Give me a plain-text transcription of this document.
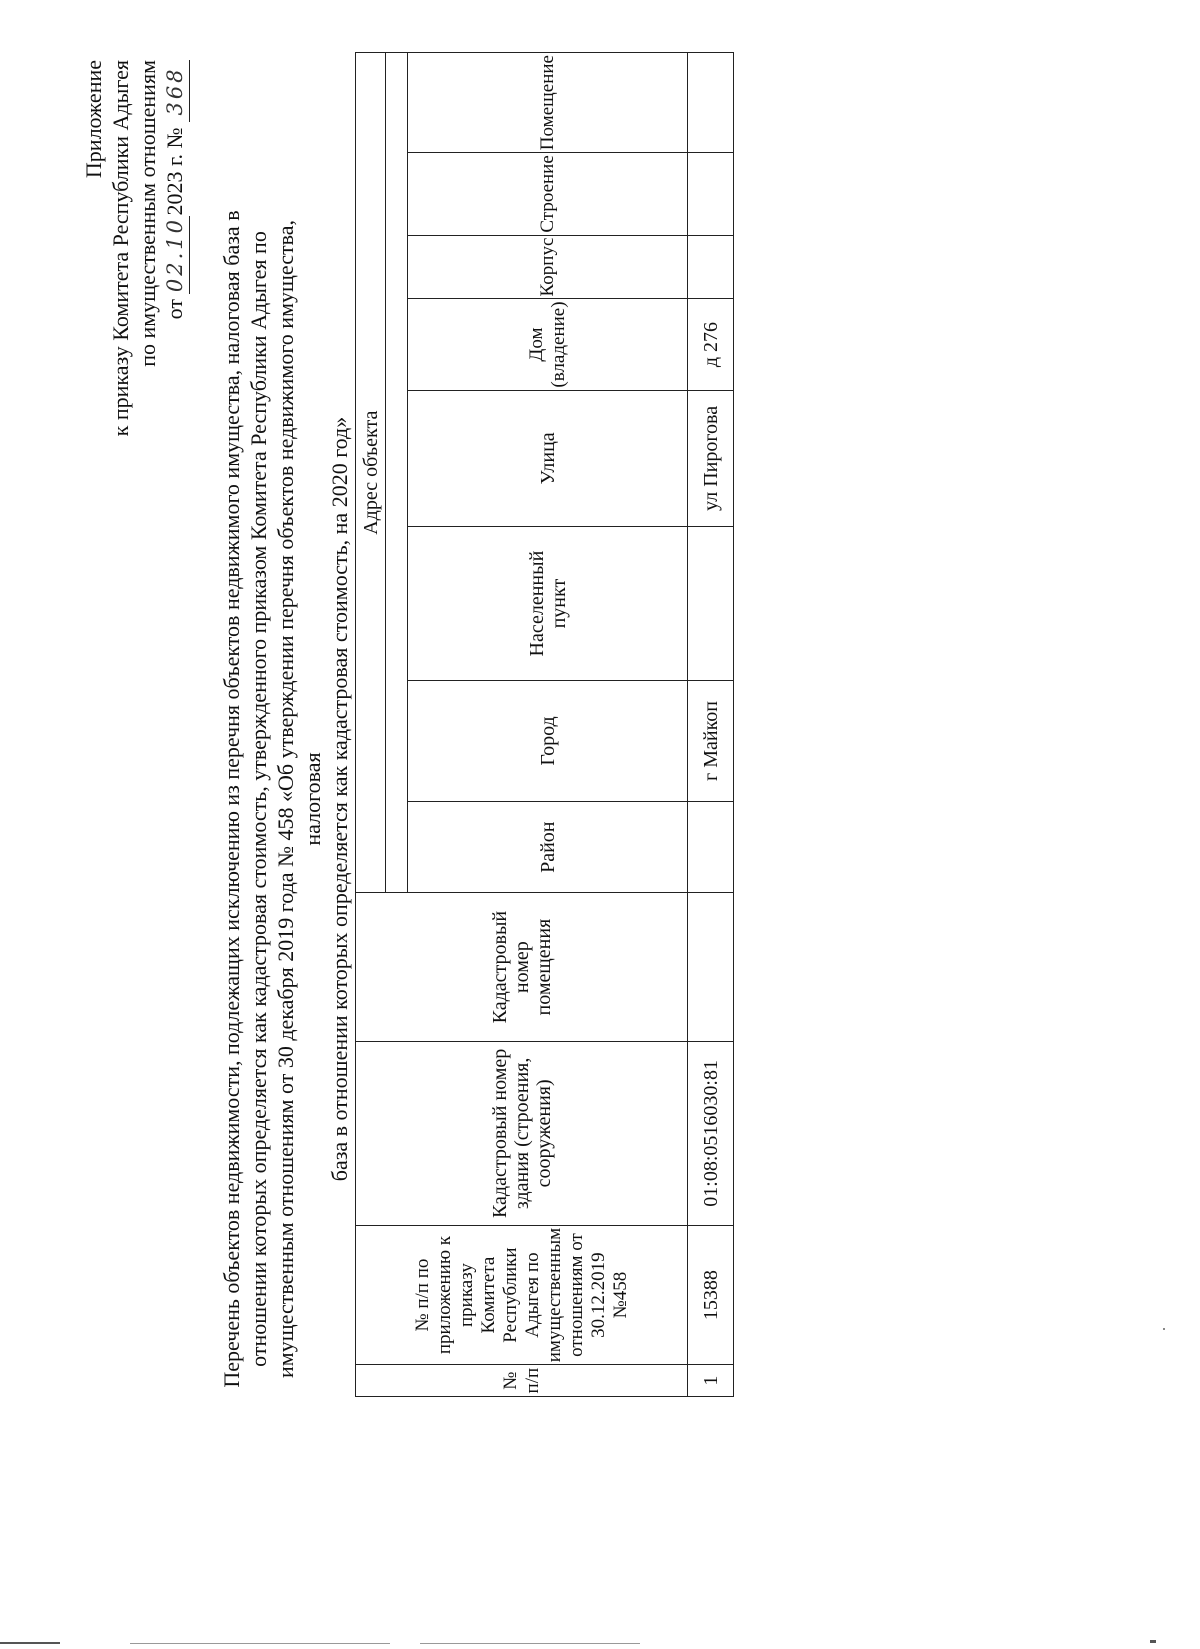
Приложение к приказу Комитета Республики Адыгея по имущественным отношениям от 02.102023 г. № 368
Перечень объектов недвижимости, подлежащих исключению из перечня объектов недвижимого имущества, налоговая база в отношении которых определяется как кадастровая стоимость, утвержденного приказом Комитета Республики Адыгея по имущественным отношениям от 30 декабря 2019 года № 458 «Об утверждении перечня объектов недвижимого имущества, налоговая база в отношении которых определяется как кадастровая стоимость, на 2020 год»
№ п/п	№ п/п по приложению к приказу Комитета Республики Адыгея по имущественным отношениям от 30.12.2019 №458	Кадастровый номер здания (строения, сооружения)	Кадастровый номер помещения	Адрес объекта							

				Район	Город	Населенный пункт	Улица	Дом (владение)	Корпус	Строение	Помещение
1	15388	01:08:0516030:81			г Майкоп		ул Пирогова	д 276			
